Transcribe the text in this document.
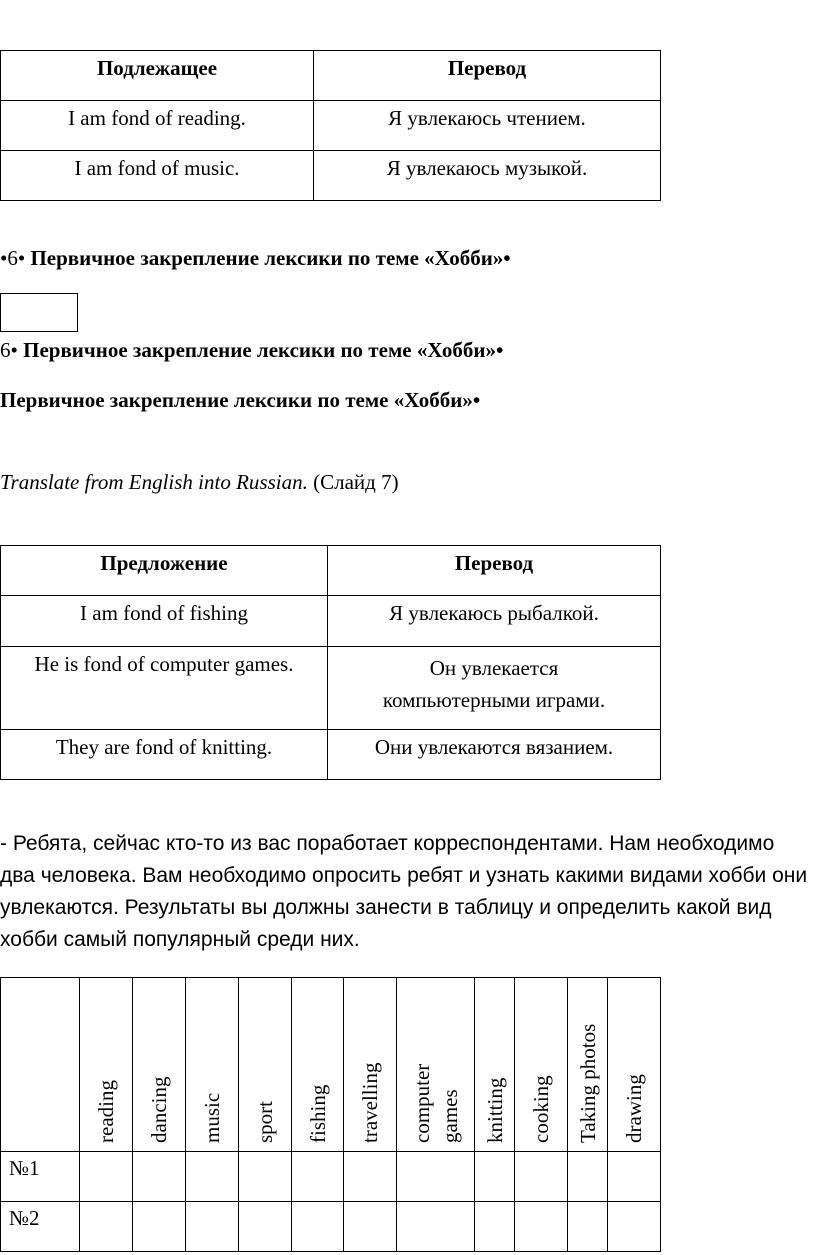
Подлежащее	Перевод
I am fond of reading.	Я увлекаюсь чтением.
I am fond of music.	Я увлекаюсь музыкой.
•6• Первичное закрепление лексики по теме «Хобби»•
6• Первичное закрепление лексики по теме «Хобби»•
Первичное закрепление лексики по теме «Хобби»•
Translate from English into Russian. (Слайд 7)
Предложение	Перевод
I am fond of fishing	Я увлекаюсь рыбалкой.
He is fond of computer games.	Он увлекается компьютерными играми.
They are fond of knitting.	Они увлекаются вязанием.
- Ребята, сейчас кто-то из вас поработает корреспондентами. Нам необходимо два человека. Вам необходимо опросить ребят и узнать какими видами хобби они увлекаются. Результаты вы должны занести в таблицу и определить какой вид хобби самый популярный среди них.

	reading	dancing	music	sport	fishing	travelling	computer games	knitting	cooking	Taking photos	drawing

№1											
№2											
